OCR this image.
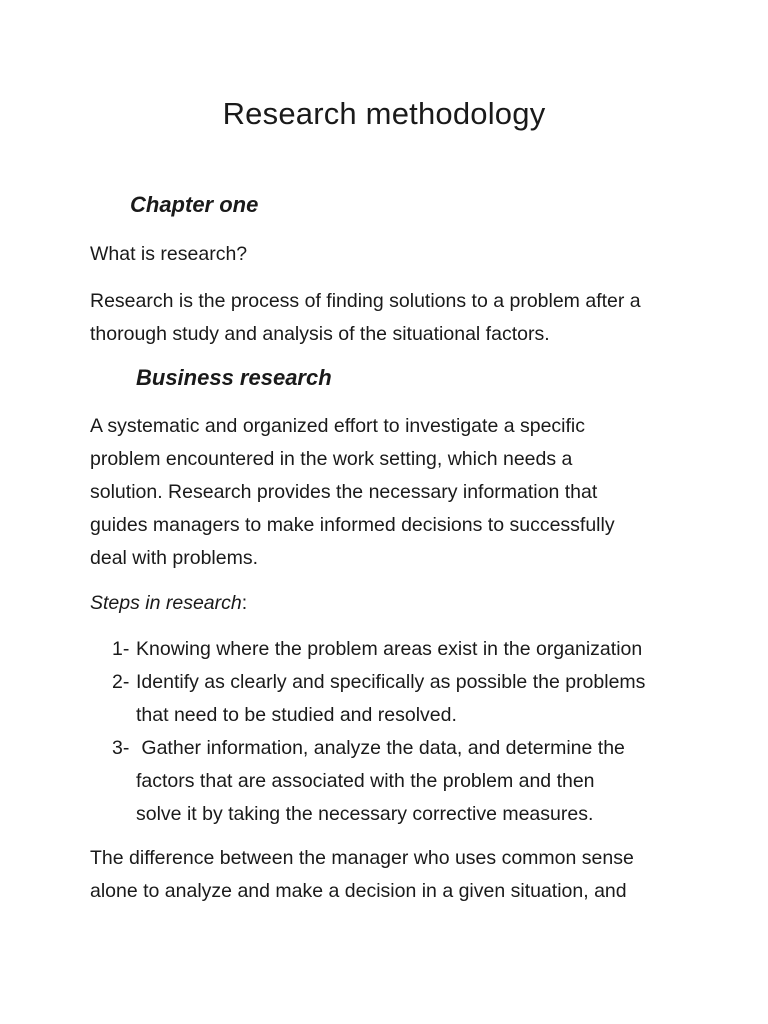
Research methodology
Chapter one

What is research?

Research is the process of finding solutions to a problem after a
thorough study and analysis of the situational factors.

Business research

A systematic and organized effort to investigate a specific
problem encountered in the work setting, which needs a
solution. Research provides the necessary information that
guides managers to make informed decisions to successfully
deal with problems.

Steps in research:

1- Knowing where the problem areas exist in the organization
2- Identify as clearly and specifically as possible the problems
that need to be studied and resolved.
3- Gather information, analyze the data, and determine the
factors that are associated with the problem and then
solve it by taking the necessary corrective measures.

The difference between the manager who uses common sense
alone to analyze and make a decision in a given situation, and
